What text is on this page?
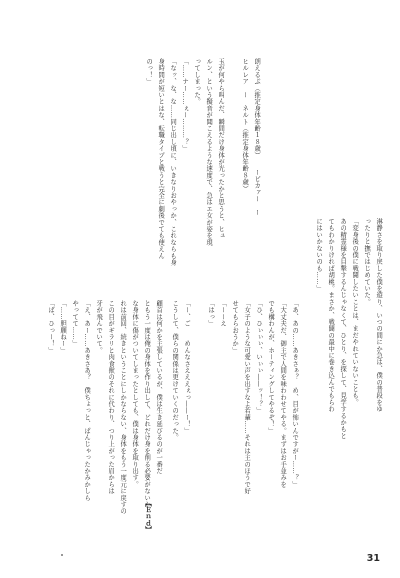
朗えるぷ（推定身体年齢１８歳）　　ーピカァー　ー
ヒルレア　ー　ネルト（推定身体年齢８歳）
玉が何やら叫んだ、瞬間だけ身体が光ったかと思うと、ヒュ
ルン、という擬音が聞こえるような速度で、急はエ女が姿を現
ってしまった。
「……ナー……ぇー………？」
「なッ、な、な……同じ出し頃に、いきなりおやっか、これならも身
身時間が短いとはな、転職タイプと戦うと完全に劇後でても使えん
のっ！」
顧首は何かを主張しているが、僕は生き延びるのが一番だ
ともう一度は俺の身体を作り出して、どれだけ身を削る必要がないか
な身体に傷がついてしまったとしても、僕は身体を取り出す。
れは前回、続きということにしかならない、身体をもう一度元に戻すの
この目がギラリと肉食獣のそれに代わり、つり上がった眉からは
牙が飛んでいて。
「え、あー……あきさあ？　僕ちょっと、ぱんじゃったかみかしら
やってて……」
「……胆願ねー」
「ば、ひっー！」	淋静さを取り戻した僕を遊り、いつの間にか急は、僕の普段をゆ
ったりと撫ではじめていた。
「変身後の僕に戦闘したいことは、まだやれていないことも。
あの精霊様を目撃するんじゃなくて、ひとり、を探して、見学するかもと
てもわかりければ胡桃。まさか、戦闘の最中に巻き込んでもらわ
にはいかないのも……」
「あ、あの……あきさぁ？　め、目が怖いんですがー……？」
「大丈夫だ、御主で人間を味わわせてやる。まずはお手並みを
でも構わんが、ホーティングしてやるぞ！」
「ひ、ひぃぃぃ、いぃぃ――ッ！？」
「女子のような可愛い声を出すなよ若輩……それは主のほうで好
せてもらおうか」
「ーーえ
「はっ」
「ー、ご　　めんなさえええぇっ――ー！」
こうして、僕らの関係は更けていくのだった。
【Ｅｎｄ】
31
